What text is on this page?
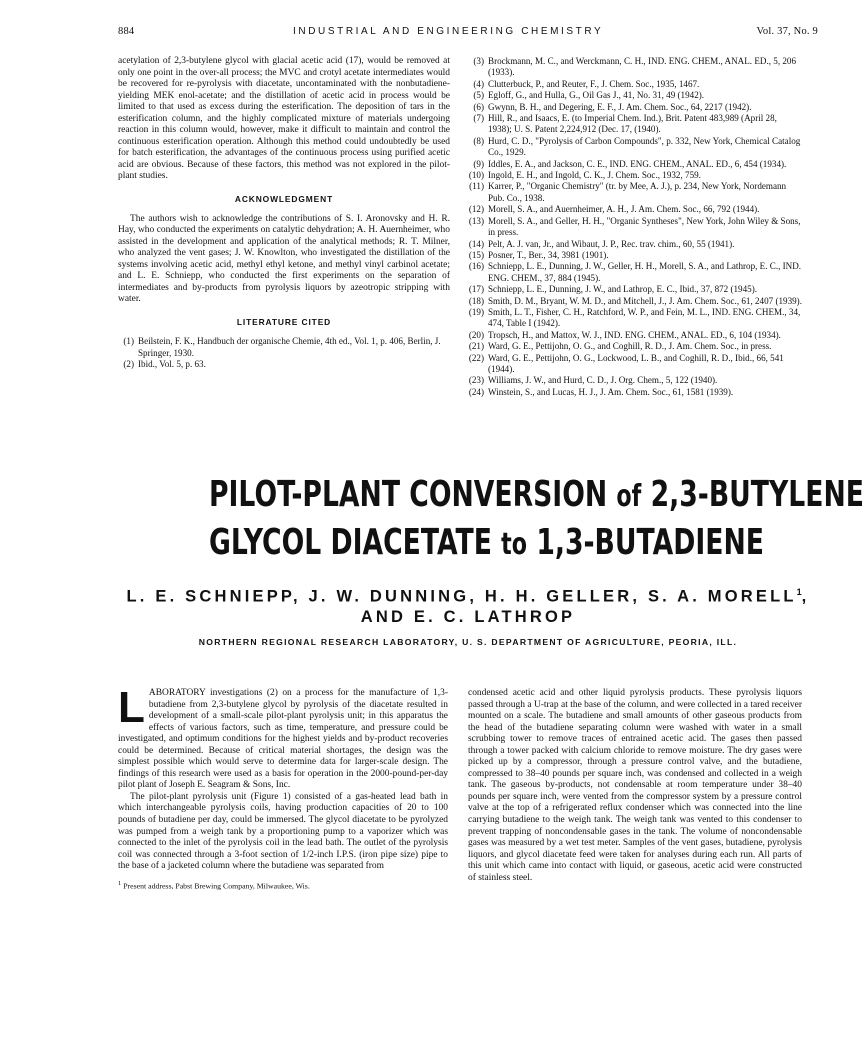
884	INDUSTRIAL AND ENGINEERING CHEMISTRY	Vol. 37, No. 9

acetylation of 2,3-butylene glycol with glacial acetic acid (17), would be removed at only one point in the over-all process; the MVC and crotyl acetate intermediates would be recovered for re-pyrolysis with diacetate, uncontaminated with the nonbutadiene-yielding MEK enol-acetate; and the distillation of acetic acid in process would be limited to that used as excess during the esterification. The deposition of tars in the esterification column, and the highly complicated mixture of materials undergoing reaction in this column would, however, make it difficult to maintain and control the continuous esterification operation. Although this method could undoubtedly be used for batch esterification, the advantages of the continuous process using purified acetic acid are obvious. Because of these factors, this method was not explored in the pilot-plant studies.

ACKNOWLEDGMENT

The authors wish to acknowledge the contributions of S. I. Aronovsky and H. R. Hay, who conducted the experiments on catalytic dehydration; A. H. Auernheimer, who assisted in the development and application of the analytical methods; R. T. Milner, who analyzed the vent gases; J. W. Knowlton, who investigated the distillation of the systems involving acetic acid, methyl ethyl ketone, and methyl vinyl carbinol acetate; and L. E. Schniepp, who conducted the first experiments on the separation of intermediates and by-products from pyrolysis liquors by azeotropic stripping with water.

LITERATURE CITED
(1) Beilstein, F. K., Handbuch der organische Chemie, 4th ed., Vol. 1, p. 406, Berlin, J. Springer, 1930.
(2) Ibid., Vol. 5, p. 63.
(3) Brockmann, M. C., and Werckmann, C. H., IND. ENG. CHEM., ANAL. ED., 5, 206 (1933).
(4) Clutterbuck, P., and Reuter, F., J. Chem. Soc., 1935, 1467.
(5) Egloff, G., and Hulla, G., Oil Gas J., 41, No. 31, 49 (1942).
(6) Gwynn, B. H., and Degering, E. F., J. Am. Chem. Soc., 64, 2217 (1942).
(7) Hill, R., and Isaacs, E. (to Imperial Chem. Ind.), Brit. Patent 483,989 (April 28, 1938); U. S. Patent 2,224,912 (Dec. 17, (1940).
(8) Hurd, C. D., "Pyrolysis of Carbon Compounds", p. 332, New York, Chemical Catalog Co., 1929.
(9) Iddles, E. A., and Jackson, C. E., IND. ENG. CHEM., ANAL. ED., 6, 454 (1934).
(10) Ingold, E. H., and Ingold, C. K., J. Chem. Soc., 1932, 759.
(11) Karrer, P., "Organic Chemistry" (tr. by Mee, A. J.), p. 234, New York, Nordemann Pub. Co., 1938.
(12) Morell, S. A., and Auernheimer, A. H., J. Am. Chem. Soc., 66, 792 (1944).
(13) Morell, S. A., and Geller, H. H., "Organic Syntheses", New York, John Wiley & Sons, in press.
(14) Pelt, A. J. van, Jr., and Wibaut, J. P., Rec. trav. chim., 60, 55 (1941).
(15) Posner, T., Ber., 34, 3981 (1901).
(16) Schniepp, L. E., Dunning, J. W., Geller, H. H., Morell, S. A., and Lathrop, E. C., IND. ENG. CHEM., 37, 884 (1945).
(17) Schniepp, L. E., Dunning, J. W., and Lathrop, E. C., Ibid., 37, 872 (1945).
(18) Smith, D. M., Bryant, W. M. D., and Mitchell, J., J. Am. Chem. Soc., 61, 2407 (1939).
(19) Smith, L. T., Fisher, C. H., Ratchford, W. P., and Fein, M. L., IND. ENG. CHEM., 34, 474, Table I (1942).
(20) Tropsch, H., and Mattox, W. J., IND. ENG. CHEM., ANAL. ED., 6, 104 (1934).
(21) Ward, G. E., Pettijohn, O. G., and Coghill, R. D., J. Am. Chem. Soc., in press.
(22) Ward, G. E., Pettijohn, O. G., Lockwood, L. B., and Coghill, R. D., Ibid., 66, 541 (1944).
(23) Williams, J. W., and Hurd, C. D., J. Org. Chem., 5, 122 (1940).
(24) Winstein, S., and Lucas, H. J., J. Am. Chem. Soc., 61, 1581 (1939).
PILOT-PLANT CONVERSION of 2,3-BUTYLENE
GLYCOL DIACETATE to 1,3-BUTADIENE
L. E. SCHNIEPP, J. W. DUNNING, H. H. GELLER, S. A. MORELL$^1$,
AND E. C. LATHROP
NORTHERN REGIONAL RESEARCH LABORATORY, U. S. DEPARTMENT OF AGRICULTURE, PEORIA, ILL.

LABORATORY investigations (2) on a process for the manufacture of 1,3-butadiene from 2,3-butylene glycol by pyrolysis of the diacetate resulted in development of a small-scale pilot-plant pyrolysis unit; in this apparatus the effects of various factors, such as time, temperature, and pressure could be investigated, and optimum conditions for the highest yields and by-product recoveries could be determined. Because of critical material shortages, the design was the simplest possible which would serve to determine data for larger-scale design. The findings of this research were used as a basis for operation in the 2000-pound-per-day pilot plant of Joseph E. Seagram & Sons, Inc.

The pilot-plant pyrolysis unit (Figure 1) consisted of a gas-heated lead bath in which interchangeable pyrolysis coils, having production capacities of 20 to 100 pounds of butadiene per day, could be immersed. The glycol diacetate to be pyrolyzed was pumped from a weigh tank by a proportioning pump to a vaporizer which was connected to the inlet of the pyrolysis coil in the lead bath. The outlet of the pyrolysis coil was connected through a 3-foot section of 1/2-inch I.P.S. (iron pipe size) pipe to the base of a jacketed column where the butadiene was separated from

$^1$ Present address, Pabst Brewing Company, Milwaukee, Wis.

condensed acetic acid and other liquid pyrolysis products. These pyrolysis liquors passed through a U-trap at the base of the column, and were collected in a tared receiver mounted on a scale. The butadiene and small amounts of other gaseous products from the head of the butadiene separating column were washed with water in a small scrubbing tower to remove traces of entrained acetic acid. The gases then passed through a tower packed with calcium chloride to remove moisture. The dry gases were picked up by a compressor, through a pressure control valve, and the butadiene, compressed to 38–40 pounds per square inch, was condensed and collected in a weigh tank. The gaseous by-products, not condensable at room temperature under 38–40 pounds per square inch, were vented from the compressor system by a pressure control valve at the top of a refrigerated reflux condenser which was connected into the line carrying butadiene to the weigh tank. The weigh tank was vented to this condenser to prevent trapping of noncondensable gases in the tank. The volume of noncondensable gases was measured by a wet test meter. Samples of the vent gases, butadiene, pyrolysis liquors, and glycol diacetate feed were taken for analyses during each run. All parts of this unit which came into contact with liquid, or gaseous, acetic acid were constructed of stainless steel.
